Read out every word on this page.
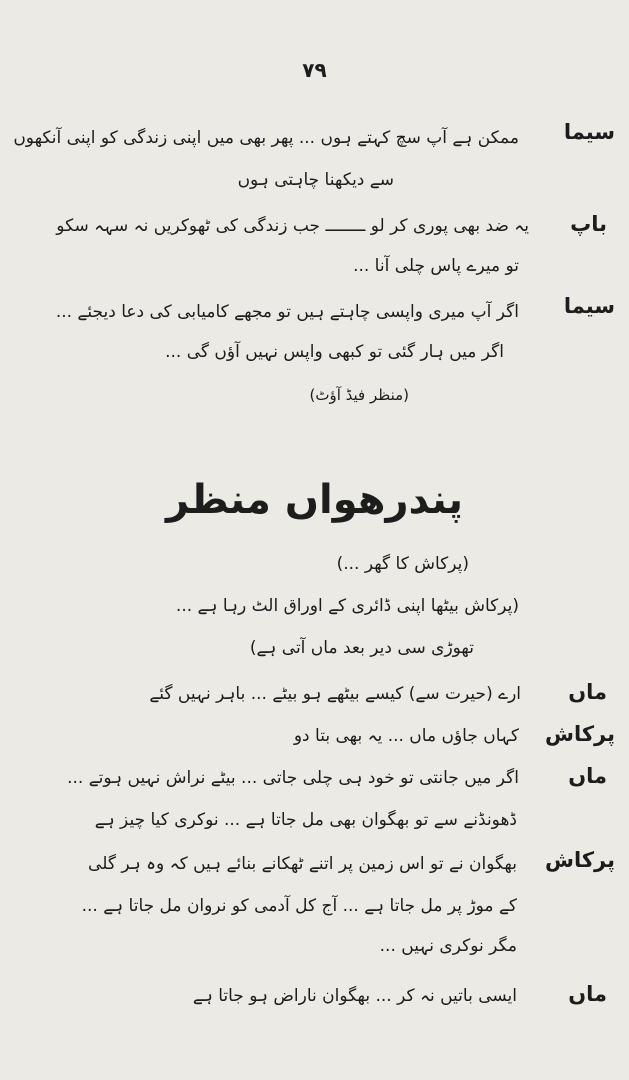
۷۹
سیما
ممکن ہے آپ سچ کہتے ہوں ... پھر بھی میں اپنی زندگی کو اپنی آنکھوں
سے دیکھنا چاہتی ہوں
باپ
یہ ضد بھی پوری کر لو ــــــــ جب زندگی کی ٹھوکریں نہ سہہ سکو
تو میرے پاس چلی آنا ...
سیما
اگر آپ میری واپسی چاہتے ہیں تو مجھے کامیابی کی دعا دیجئے ...
اگر میں ہار گئی تو کبھی واپس نہیں آؤں گی ...
(منظر فیڈ آؤٹ)
پندرھواں منظر
(پرکاش کا گھر ...)
(پرکاش بیٹھا اپنی ڈائری کے اوراق الٹ رہا ہے ...
تھوڑی سی دیر بعد ماں آتی ہے)
ماں
ارے (حیرت سے) کیسے بیٹھے ہو بیٹے ... باہر نہیں گئے
پرکاش
کہاں جاؤں ماں ... یہ بھی بتا دو
ماں
اگر میں جانتی تو خود ہی چلی جاتی ... بیٹے نراش نہیں ہوتے ...
ڈھونڈنے سے تو بھگوان بھی مل جاتا ہے ... نوکری کیا چیز ہے
پرکاش
بھگوان نے تو اس زمین پر اتنے ٹھکانے بنائے ہیں کہ وہ ہر گلی
کے موڑ پر مل جاتا ہے ... آج کل آدمی کو نروان مل جاتا ہے ...
مگر نوکری نہیں ...
ماں
ایسی باتیں نہ کر ... بھگوان ناراض ہو جاتا ہے
